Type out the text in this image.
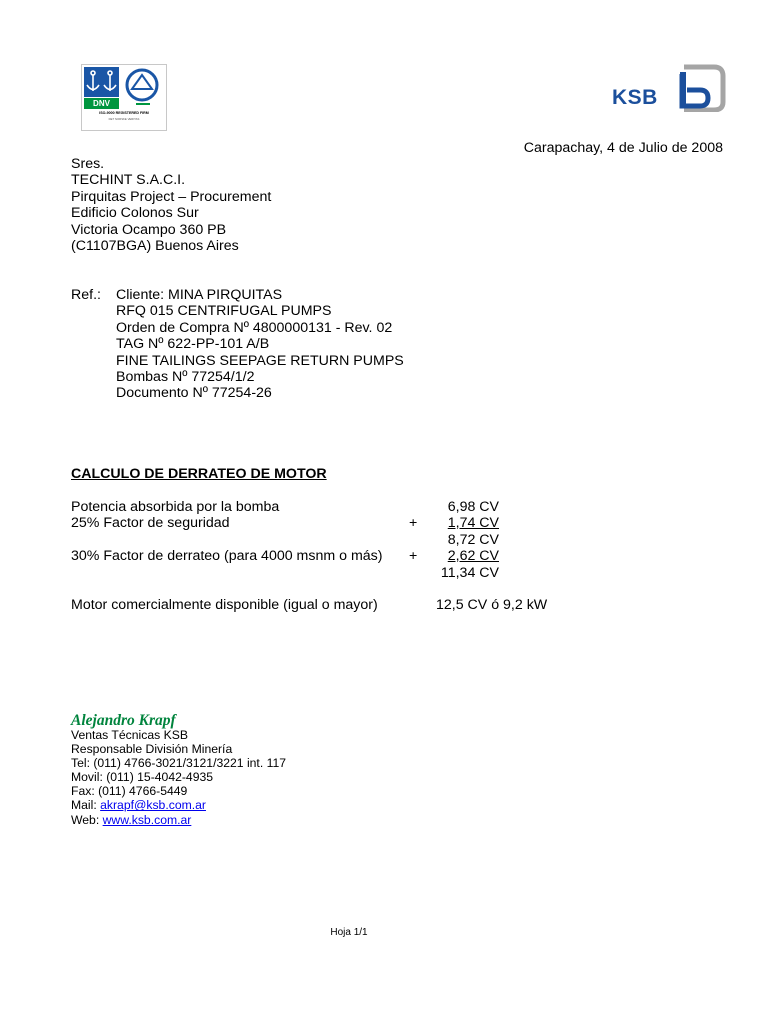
DNV
ISO-9000 REGISTERED FIRM
DET NORSKE VERITAS
KSB
Carapachay, 4 de Julio de 2008
Sres.
TECHINT S.A.C.I.
Pirquitas Project – Procurement
Edificio Colonos Sur
Victoria Ocampo 360 PB
(C1107BGA) Buenos Aires
Ref.: Cliente: MINA PIRQUITAS
RFQ 015 CENTRIFUGAL PUMPS
Orden de Compra Nº 4800000131 - Rev. 02
TAG Nº 622-PP-101 A/B
FINE TAILINGS SEEPAGE RETURN PUMPS
Bombas Nº 77254/1/2
Documento Nº 77254-26
CALCULO DE DERRATEO DE MOTOR
Potencia absorbida por la bomba	6,98 CV
25% Factor de seguridad	+ 1,74 CV
8,72 CV
30% Factor de derrateo (para 4000 msnm o más) + 2,62 CV
11,34 CV
Motor comercialmente disponible (igual o mayor)	12,5 CV ó 9,2 kW
Alejandro Krapf
Ventas Técnicas KSB
Responsable División Minería
Tel: (011) 4766-3021/3121/3221 int. 117
Movil: (011) 15-4042-4935
Fax: (011) 4766-5449
Mail: akrapf@ksb.com.ar
Web: www.ksb.com.ar
Hoja 1/1
